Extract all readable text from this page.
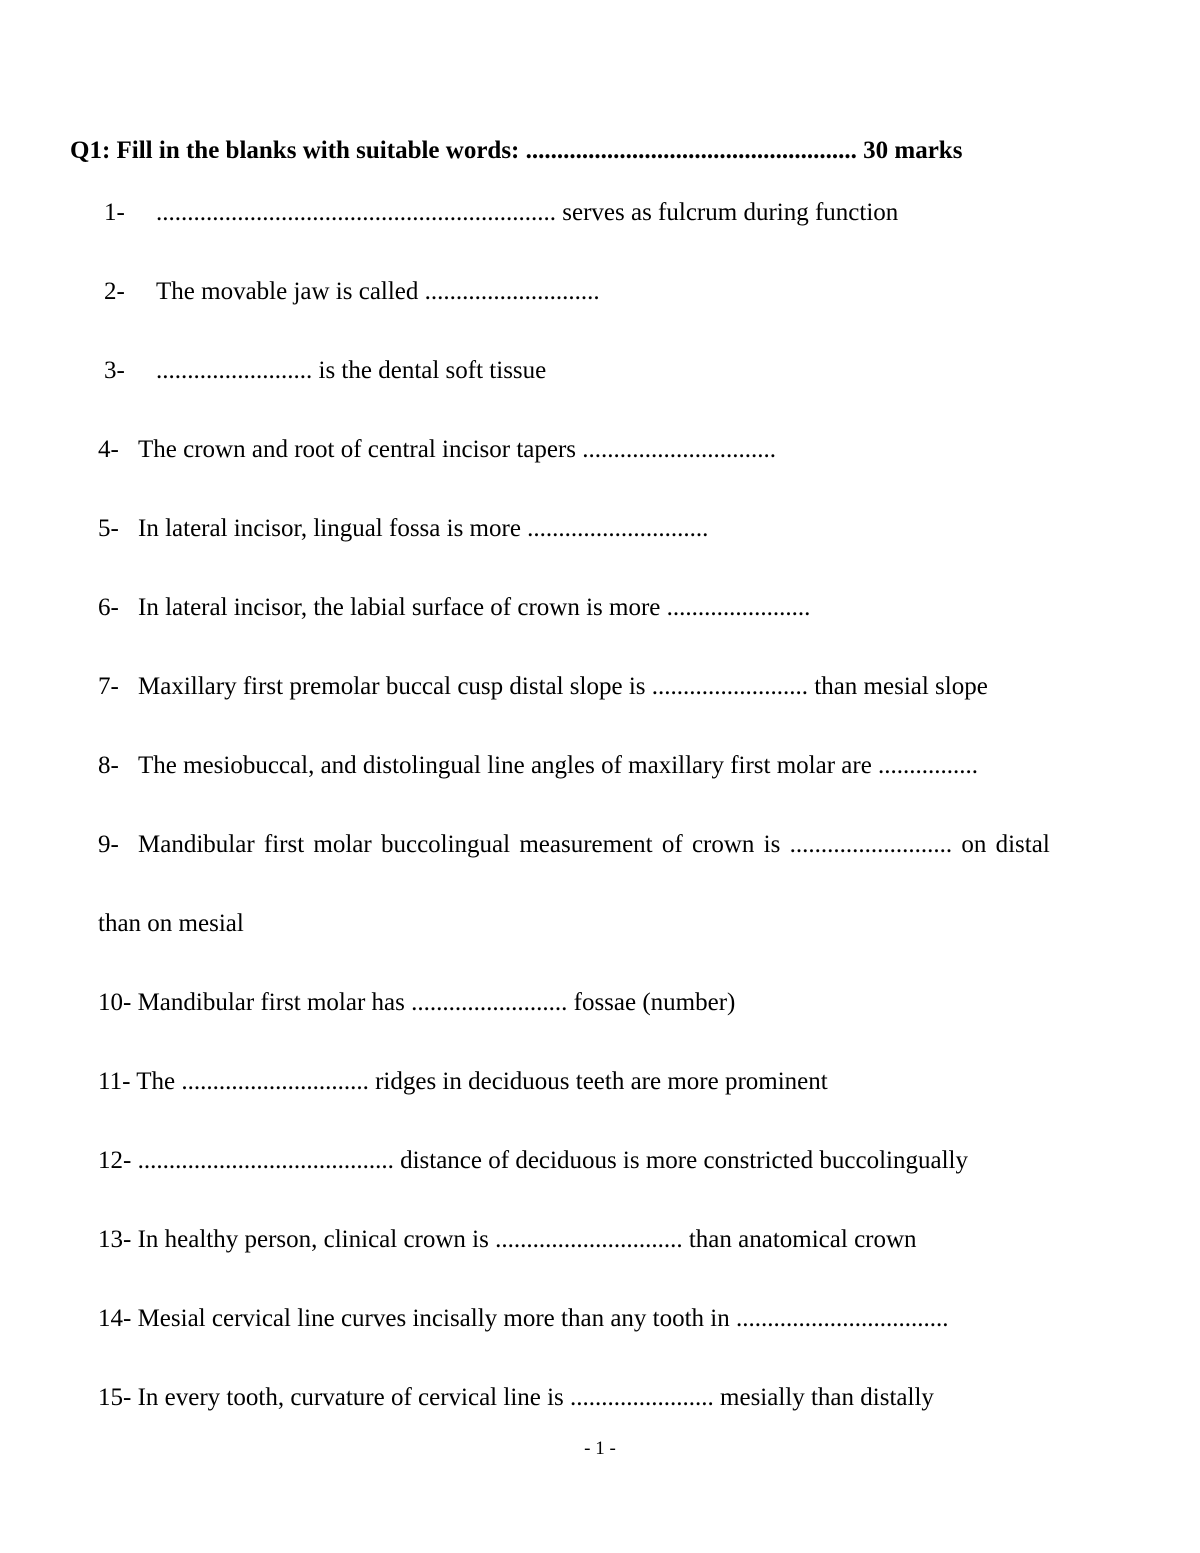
Q1: Fill in the blanks with suitable words: ..................................................... 30 marks
1- ................................................................ serves as fulcrum during function
2- The movable jaw is called ............................
3- ......................... is the dental soft tissue
4- The crown and root of central incisor tapers ...............................
5- In lateral incisor, lingual fossa is more .............................
6- In lateral incisor, the labial surface of crown is more .......................
7- Maxillary first premolar buccal cusp distal slope is ......................... than mesial slope
8- The mesiobuccal, and distolingual line angles of maxillary first molar are ................
9- Mandibular first molar buccolingual measurement of crown is .......................... on distal
than on mesial
10- Mandibular first molar has ......................... fossae (number)
11- The .............................. ridges in deciduous teeth are more prominent
12- ......................................... distance of deciduous is more constricted buccolingually
13- In healthy person, clinical crown is .............................. than anatomical crown
14- Mesial cervical line curves incisally more than any tooth in ..................................
15- In every tooth, curvature of cervical line is ....................... mesially than distally
- 1 -
